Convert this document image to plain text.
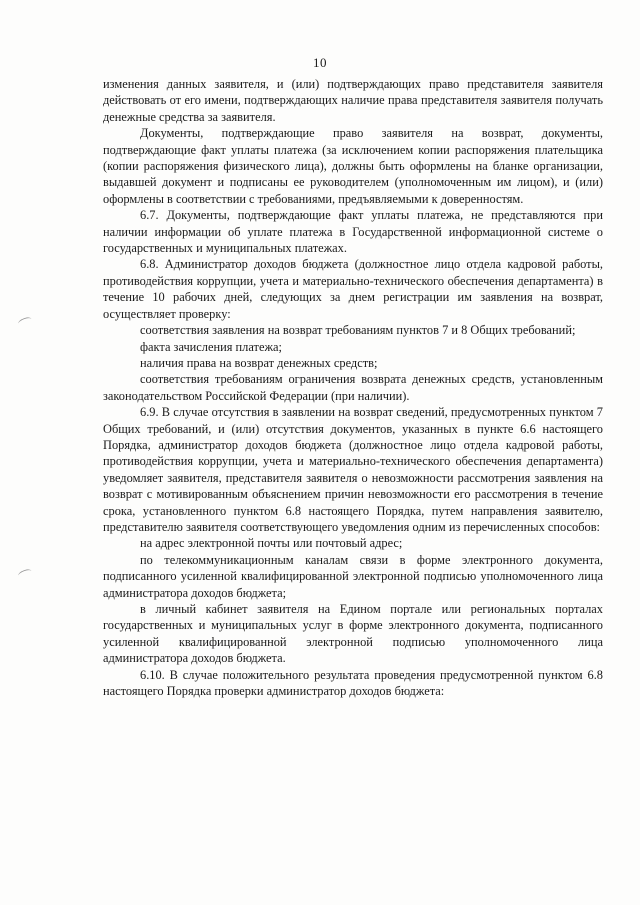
10

изменения данных заявителя, и (или) подтверждающих право представителя заявителя действовать от его имени, подтверждающих наличие права представителя заявителя получать денежные средства за заявителя.

Документы, подтверждающие право заявителя на возврат, документы, подтверждающие факт уплаты платежа (за исключением копии распоряжения плательщика (копии распоряжения физического лица), должны быть оформлены на бланке организации, выдавшей документ и подписаны ее руководителем (уполномоченным им лицом), и (или) оформлены в соответствии с требованиями, предъявляемыми к доверенностям.

6.7. Документы, подтверждающие факт уплаты платежа, не представляются при наличии информации об уплате платежа в Государственной информационной системе о государственных и муниципальных платежах.

6.8. Администратор доходов бюджета (должностное лицо отдела кадровой работы, противодействия коррупции, учета и материально-технического обеспечения департамента) в течение 10 рабочих дней, следующих за днем регистрации им заявления на возврат, осуществляет проверку:

соответствия заявления на возврат требованиям пунктов 7 и 8 Общих требований;

факта зачисления платежа;

наличия права на возврат денежных средств;

соответствия требованиям ограничения возврата денежных средств, установленным законодательством Российской Федерации (при наличии).

6.9. В случае отсутствия в заявлении на возврат сведений, предусмотренных пунктом 7 Общих требований, и (или) отсутствия документов, указанных в пункте 6.6 настоящего Порядка, администратор доходов бюджета (должностное лицо отдела кадровой работы, противодействия коррупции, учета и материально-технического обеспечения департамента) уведомляет заявителя, представителя заявителя о невозможности рассмотрения заявления на возврат с мотивированным объяснением причин невозможности его рассмотрения в течение срока, установленного пунктом 6.8 настоящего Порядка, путем направления заявителю, представителю заявителя соответствующего уведомления одним из перечисленных способов:

на адрес электронной почты или почтовый адрес;

по телекоммуникационным каналам связи в форме электронного документа, подписанного усиленной квалифицированной электронной подписью уполномоченного лица администратора доходов бюджета;

в личный кабинет заявителя на Едином портале или региональных порталах государственных и муниципальных услуг в форме электронного документа, подписанного усиленной квалифицированной электронной подписью уполномоченного лица администратора доходов бюджета.

6.10. В случае положительного результата проведения предусмотренной пунктом 6.8 настоящего Порядка проверки администратор доходов бюджета:
